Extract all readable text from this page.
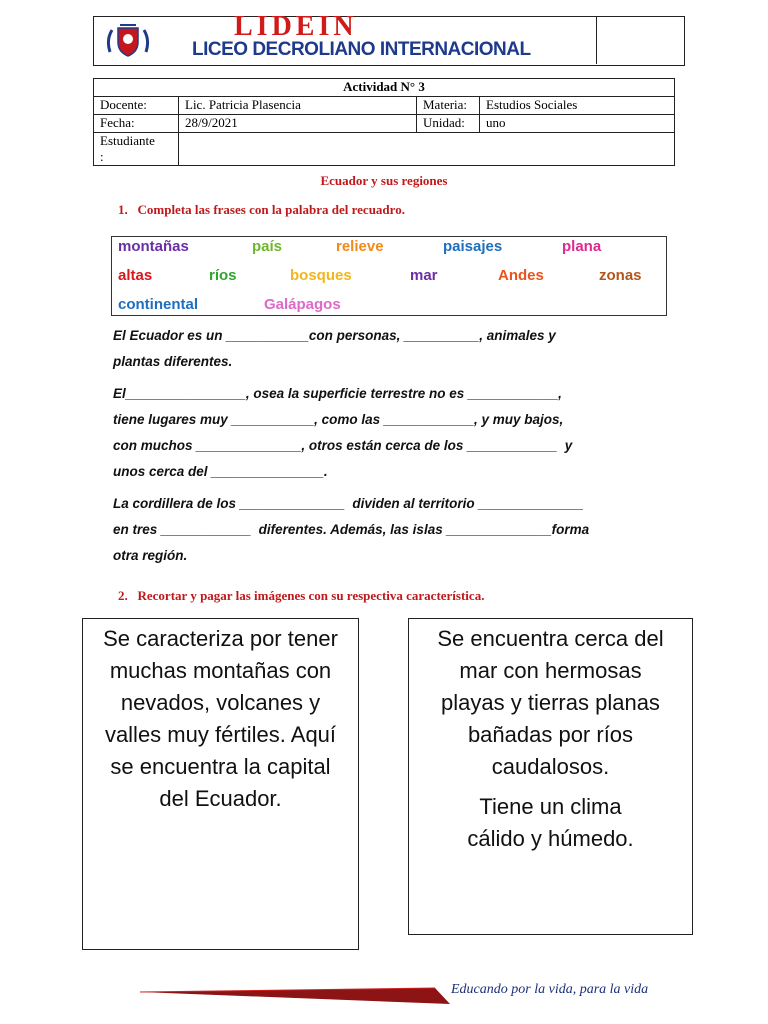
LIDEIN
LICEO DECROLIANO INTERNACIONAL
Actividad N° 3			
Docente:	Lic. Patricia Plasencia	Materia:	Estudios Sociales
Fecha:	28/9/2021	Unidad:	uno
Estudiante
:			
Ecuador y sus regiones
1.   Completa las frases con la palabra del recuadro.
montañas	país	relieve	paisajes	plana
altas	ríos	bosques	mar	Andes	zonas
continental	Galápagos
El Ecuador es un ___________con personas, __________, animales y
plantas diferentes.
El________________, osea la superficie terrestre no es ____________,
tiene lugares muy ___________, como las ____________, y muy bajos,
con muchos ______________, otros están cerca de los ____________  y
unos cerca del _______________.
La cordillera de los ______________  dividen al territorio ______________
en tres ____________  diferentes. Además, las islas ______________forma
otra región.
2.   Recortar y pagar las imágenes con su respectiva característica.

Se caracteriza por tener muchas montañas con nevados, volcanes y valles muy fértiles. Aquí se encuentra la capital del Ecuador.

Se encuentra cerca del mar con hermosas playas y tierras planas bañadas por ríos caudalosos.

Tiene un clima cálido y húmedo.

Educando por la vida, para la vida
